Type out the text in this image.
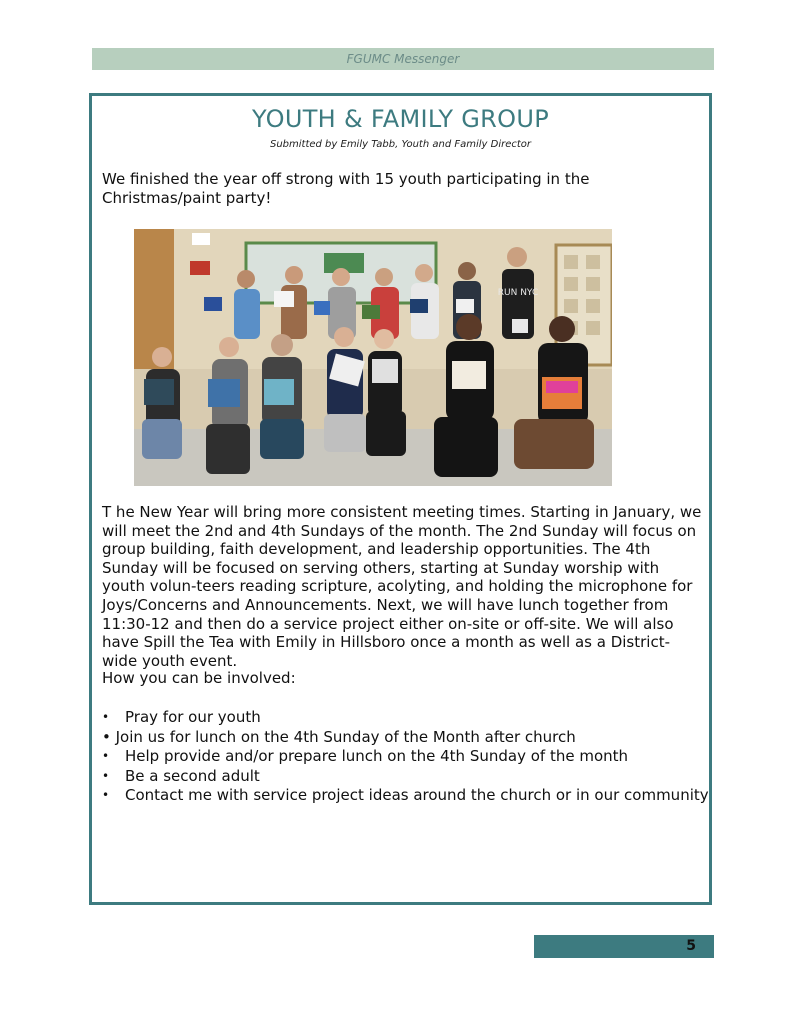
FGUMC Messenger
YOUTH & FAMILY GROUP
Submitted by Emily Tabb, Youth and Family Director
We finished the year off strong with 15 youth participating in the Christmas/paint party!
RUN NYC

T he New Year will bring more consistent meeting times. Starting in January, we will meet the 2nd and 4th Sundays of the month. The 2nd Sunday will focus on group building, faith development, and leadership opportunities. The 4th Sunday will be focused on serving others, starting at Sunday worship with youth volun-teers reading scripture, acolyting, and holding the microphone for Joys/Concerns and Announcements. Next, we will have lunch together from 11:30-12 and then do a service project either on-site or off-site. We will also have Spill the Tea with Emily in Hillsboro once a month as well as a District-wide youth event.

How you can be involved:
• Pray for our youth
• Join us for lunch on the 4th Sunday of the Month after church
• Help provide and/or prepare lunch on the 4th Sunday of the month
• Be a second adult
• Contact me with service project ideas around the church or in our community
5
